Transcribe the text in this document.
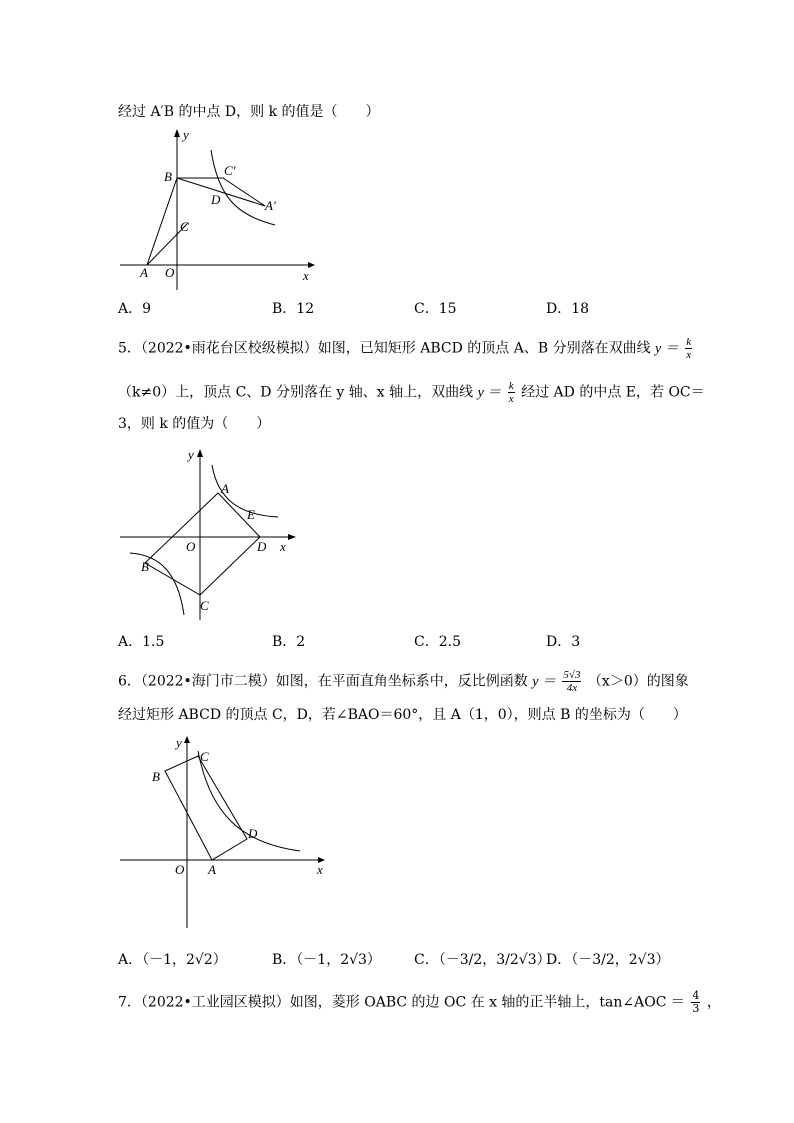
经过 A′B 的中点 D，则 k 的值是（　　）
y
x
B	C′
D	A′
C
A O
A．9	B．12	C．15	D．18
5．（2022•雨花台区校级模拟）如图，已知矩形 ABCD 的顶点 A、B 分别落在双曲线 $y = \frac{k}{x}$
（k≠0）上，顶点 C、D 分别落在 y 轴、x 轴上，双曲线 $y = \frac{k}{x}$ 经过 AD 的中点 E，若 OC＝
3，则 k 的值为（　　）
y
A
E
O	D x
B
C
A．1.5	B．2	C．2.5	D．3
6．（2022•海门市二模）如图，在平面直角坐标系中，反比例函数 $y = \frac{5√3}{4x} (x>0)$的图象
经过矩形 ABCD 的顶点 C，D，若∠BAO＝60°，且 A（1，0），则点 B 的坐标为（　　）
y
C
B
D
O A	x
A．（－1，2√2）	B．（－1，2√3） C．（－3/2，3/2√3）
D．（－3/2，2√3）
7．（2022•工业园区模拟）如图，菱形 OABC 的边 OC 在 x 轴的正半轴上，tan∠AOC ＝ $\frac{4}{3}$ ，
